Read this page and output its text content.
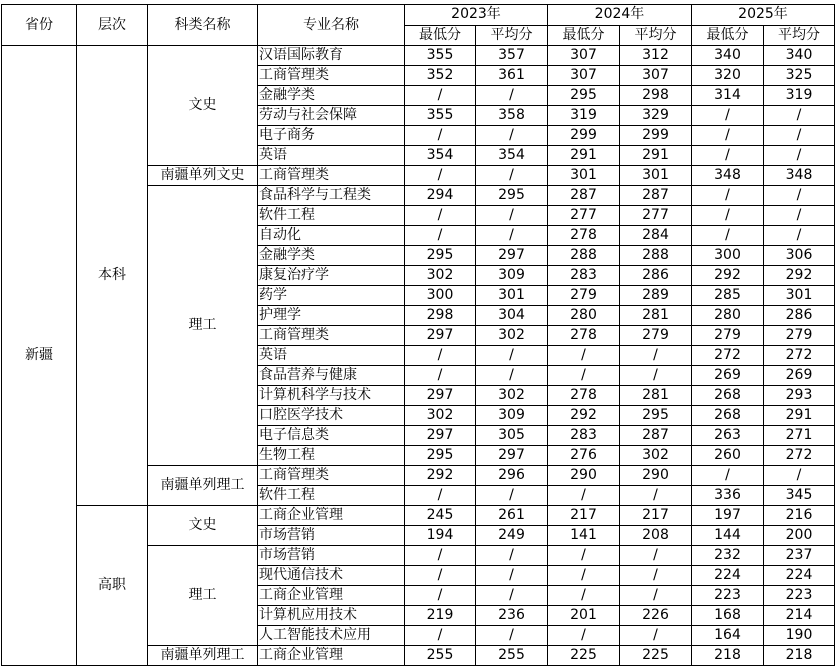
省份	层次	科类名称	专业名称	2023年		2024年		2025年	
				最低分	平均分	最低分	平均分	最低分	平均分
新疆	本科	文史	汉语国际教育	355	357	307	312	340	340
			工商管理类	352	361	307	307	320	325
			金融学类	/	/	295	298	314	319
			劳动与社会保障	355	358	319	329	/	/
			电子商务	/	/	299	299	/	/
			英语	354	354	291	291	/	/
		南疆单列文史	工商管理类	/	/	301	301	348	348
		理工	食品科学与工程类	294	295	287	287	/	/
			软件工程	/	/	277	277	/	/
			自动化	/	/	278	284	/	/
			金融学类	295	297	288	288	300	306
			康复治疗学	302	309	283	286	292	292
			药学	300	301	279	289	285	301
			护理学	298	304	280	281	280	286
			工商管理类	297	302	278	279	279	279
			英语	/	/	/	/	272	272
			食品营养与健康	/	/	/	/	269	269
			计算机科学与技术	297	302	278	281	268	293
			口腔医学技术	302	309	292	295	268	291
			电子信息类	297	305	283	287	263	271
			生物工程	295	297	276	302	260	272
		南疆单列理工	工商管理类	292	296	290	290	/	/
			软件工程	/	/	/	/	336	345
	高职	文史	工商企业管理	245	261	217	217	197	216
			市场营销	194	249	141	208	144	200
		理工	市场营销	/	/	/	/	232	237
			现代通信技术	/	/	/	/	224	224
			工商企业管理	/	/	/	/	223	223
			计算机应用技术	219	236	201	226	168	214
			人工智能技术应用	/	/	/	/	164	190
		南疆单列理工	工商企业管理	255	255	225	225	218	218
